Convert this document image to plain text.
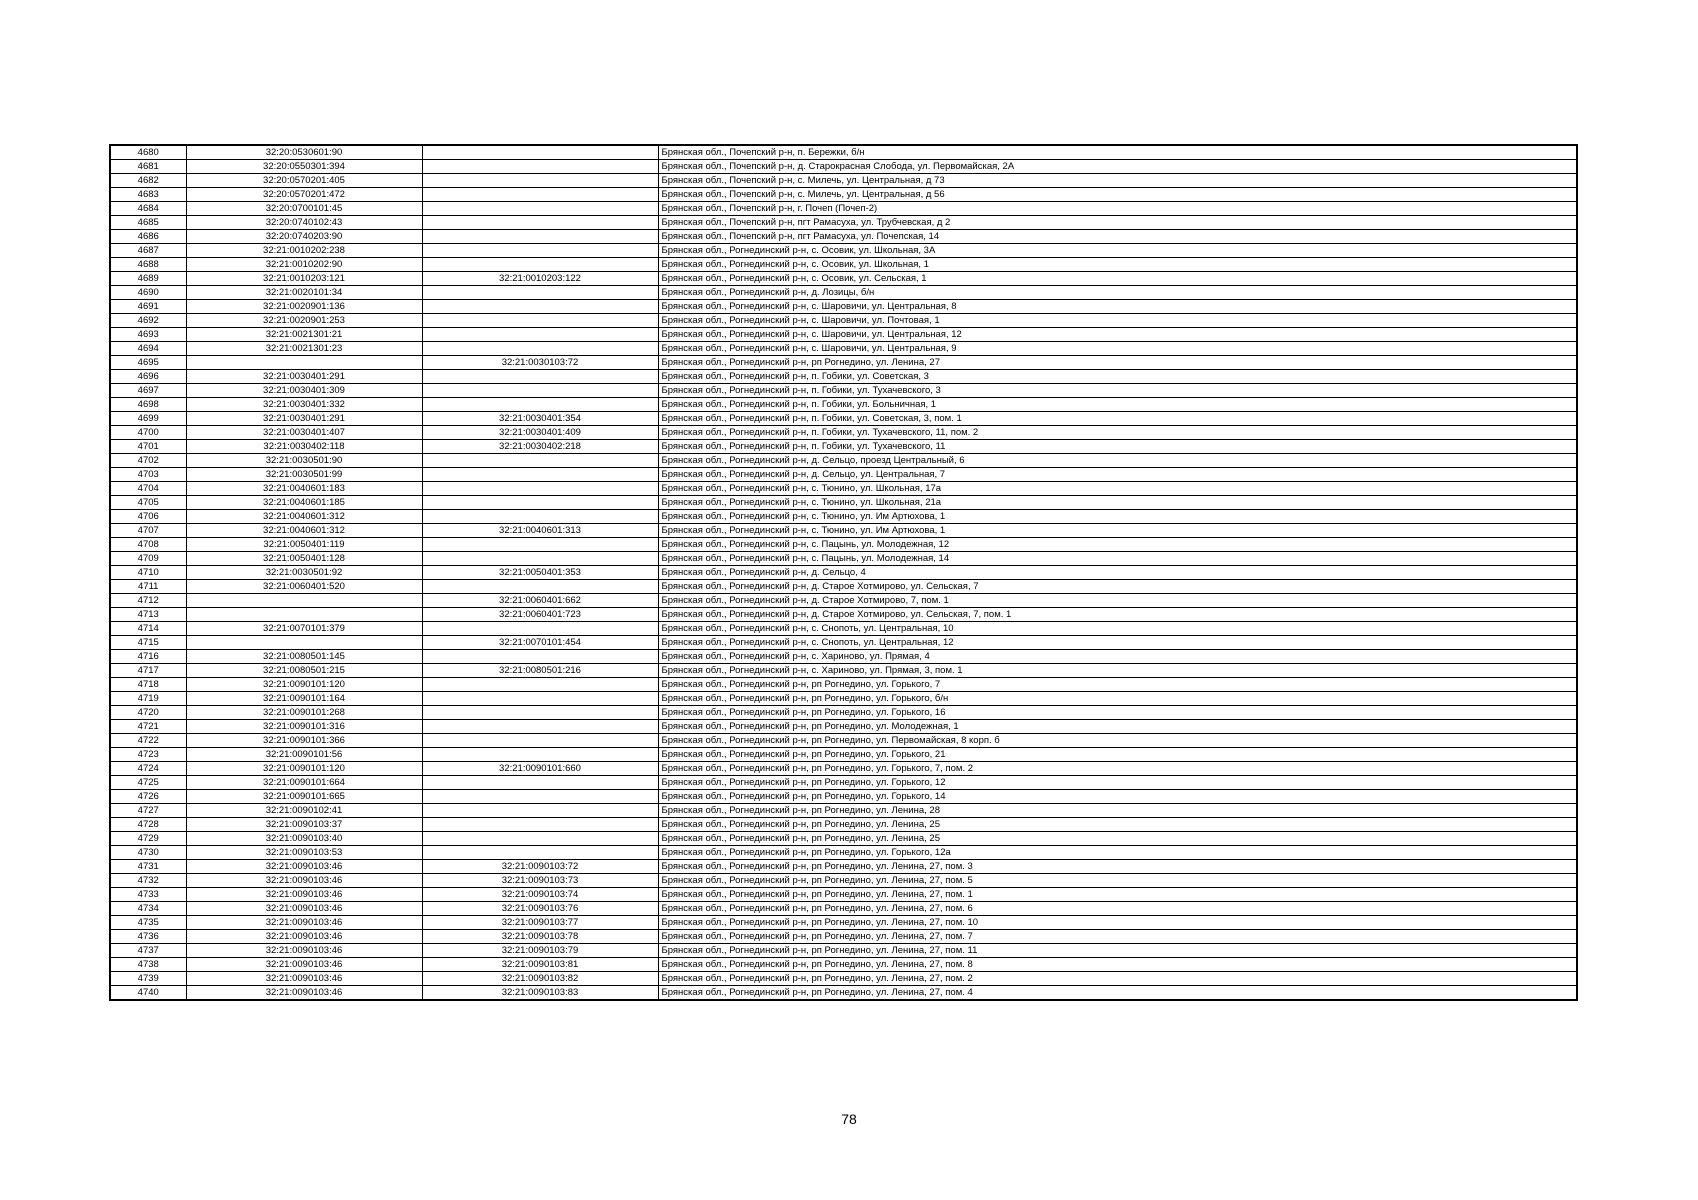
4680	32:20:0530601:90		Брянская обл., Почепский р-н, п. Бережки, б/н
4681	32:20:0550301:394		Брянская обл., Почепский р-н, д. Старокрасная Слобода, ул. Первомайская, 2А
4682	32:20:0570201:405		Брянская обл., Почепский р-н, с. Милечь, ул. Центральная, д 73
4683	32:20:0570201:472		Брянская обл., Почепский р-н, с. Милечь, ул. Центральная, д 56
4684	32:20:0700101:45		Брянская обл., Почепский р-н, г. Почеп (Почеп-2)
4685	32:20:0740102:43		Брянская обл., Почепский р-н, пгт Рамасуха, ул. Трубчевская, д 2
4686	32:20:0740203:90		Брянская обл., Почепский р-н, пгт Рамасуха, ул. Почепская, 14
4687	32:21:0010202:238		Брянская обл., Рогнединский р-н, с. Осовик, ул. Школьная, 3А
4688	32:21:0010202:90		Брянская обл., Рогнединский р-н, с. Осовик, ул. Школьная, 1
4689	32:21:0010203:121	32:21:0010203:122	Брянская обл., Рогнединский р-н, с. Осовик, ул. Сельская, 1
4690	32:21:0020101:34		Брянская обл., Рогнединский р-н, д. Лозицы, б/н
4691	32:21:0020901:136		Брянская обл., Рогнединский р-н, с. Шаровичи, ул. Центральная, 8
4692	32:21:0020901:253		Брянская обл., Рогнединский р-н, с. Шаровичи, ул. Почтовая, 1
4693	32:21:0021301:21		Брянская обл., Рогнединский р-н, с. Шаровичи, ул. Центральная, 12
4694	32:21:0021301:23		Брянская обл., Рогнединский р-н, с. Шаровичи, ул. Центральная, 9
4695		32:21:0030103:72	Брянская обл., Рогнединский р-н, рп Рогнедино, ул. Ленина, 27
4696	32:21:0030401:291		Брянская обл., Рогнединский р-н, п. Гобики, ул. Советская, 3
4697	32:21:0030401:309		Брянская обл., Рогнединский р-н, п. Гобики, ул. Тухачевского, 3
4698	32:21:0030401:332		Брянская обл., Рогнединский р-н, п. Гобики, ул. Больничная, 1
4699	32:21:0030401:291	32:21:0030401:354	Брянская обл., Рогнединский р-н, п. Гобики, ул. Советская, 3, пом. 1
4700	32:21:0030401:407	32:21:0030401:409	Брянская обл., Рогнединский р-н, п. Гобики, ул. Тухачевского, 11, пом. 2
4701	32:21:0030402:118	32:21:0030402:218	Брянская обл., Рогнединский р-н, п. Гобики, ул. Тухачевского, 11
4702	32:21:0030501:90		Брянская обл., Рогнединский р-н, д. Сельцо, проезд Центральный, 6
4703	32:21:0030501:99		Брянская обл., Рогнединский р-н, д. Сельцо, ул. Центральная, 7
4704	32:21:0040601:183		Брянская обл., Рогнединский р-н, с. Тюнино, ул. Школьная, 17а
4705	32:21:0040601:185		Брянская обл., Рогнединский р-н, с. Тюнино, ул. Школьная, 21а
4706	32:21:0040601:312		Брянская обл., Рогнединский р-н, с. Тюнино, ул. Им Артюхова, 1
4707	32:21:0040601:312	32:21:0040601:313	Брянская обл., Рогнединский р-н, с. Тюнино, ул. Им Артюхова, 1
4708	32:21:0050401:119		Брянская обл., Рогнединский р-н, с. Пацынь, ул. Молодежная, 12
4709	32:21:0050401:128		Брянская обл., Рогнединский р-н, с. Пацынь, ул. Молодежная, 14
4710	32:21:0030501:92	32:21:0050401:353	Брянская обл., Рогнединский р-н, д. Сельцо, 4
4711	32:21:0060401:520		Брянская обл., Рогнединский р-н, д. Старое Хотмирово, ул. Сельская, 7
4712		32:21:0060401:662	Брянская обл., Рогнединский р-н, д. Старое Хотмирово, 7, пом. 1
4713		32:21:0060401:723	Брянская обл., Рогнединский р-н, д. Старое Хотмирово, ул. Сельская, 7, пом. 1
4714	32:21:0070101:379		Брянская обл., Рогнединский р-н, с. Снопоть, ул. Центральная, 10
4715		32:21:0070101:454	Брянская обл., Рогнединский р-н, с. Снопоть, ул. Центральная, 12
4716	32:21:0080501:145		Брянская обл., Рогнединский р-н, с. Хариново, ул. Прямая, 4
4717	32:21:0080501:215	32:21:0080501:216	Брянская обл., Рогнединский р-н, с. Хариново, ул. Прямая, 3, пом. 1
4718	32:21:0090101:120		Брянская обл., Рогнединский р-н, рп Рогнедино, ул. Горького, 7
4719	32:21:0090101:164		Брянская обл., Рогнединский р-н, рп Рогнедино, ул. Горького, б/н
4720	32:21:0090101:268		Брянская обл., Рогнединский р-н, рп Рогнедино, ул. Горького, 16
4721	32:21:0090101:316		Брянская обл., Рогнединский р-н, рп Рогнедино, ул. Молодежная, 1
4722	32:21:0090101:366		Брянская обл., Рогнединский р-н, рп Рогнедино, ул. Первомайская, 8 корп. б
4723	32:21:0090101:56		Брянская обл., Рогнединский р-н, рп Рогнедино, ул. Горького, 21
4724	32:21:0090101:120	32:21:0090101:660	Брянская обл., Рогнединский р-н, рп Рогнедино, ул. Горького, 7, пом. 2
4725	32:21:0090101:664		Брянская обл., Рогнединский р-н, рп Рогнедино, ул. Горького, 12
4726	32:21:0090101:665		Брянская обл., Рогнединский р-н, рп Рогнедино, ул. Горького, 14
4727	32:21:0090102:41		Брянская обл., Рогнединский р-н, рп Рогнедино, ул. Ленина, 28
4728	32:21:0090103:37		Брянская обл., Рогнединский р-н, рп Рогнедино, ул. Ленина, 25
4729	32:21:0090103:40		Брянская обл., Рогнединский р-н, рп Рогнедино, ул. Ленина, 25
4730	32:21:0090103:53		Брянская обл., Рогнединский р-н, рп Рогнедино, ул. Горького, 12а
4731	32:21:0090103:46	32:21:0090103:72	Брянская обл., Рогнединский р-н, рп Рогнедино, ул. Ленина, 27, пом. 3
4732	32:21:0090103:46	32:21:0090103:73	Брянская обл., Рогнединский р-н, рп Рогнедино, ул. Ленина, 27, пом. 5
4733	32:21:0090103:46	32:21:0090103:74	Брянская обл., Рогнединский р-н, рп Рогнедино, ул. Ленина, 27, пом. 1
4734	32:21:0090103:46	32:21:0090103:76	Брянская обл., Рогнединский р-н, рп Рогнедино, ул. Ленина, 27, пом. 6
4735	32:21:0090103:46	32:21:0090103:77	Брянская обл., Рогнединский р-н, рп Рогнедино, ул. Ленина, 27, пом. 10
4736	32:21:0090103:46	32:21:0090103:78	Брянская обл., Рогнединский р-н, рп Рогнедино, ул. Ленина, 27, пом. 7
4737	32:21:0090103:46	32:21:0090103:79	Брянская обл., Рогнединский р-н, рп Рогнедино, ул. Ленина, 27, пом. 11
4738	32:21:0090103:46	32:21:0090103:81	Брянская обл., Рогнединский р-н, рп Рогнедино, ул. Ленина, 27, пом. 8
4739	32:21:0090103:46	32:21:0090103:82	Брянская обл., Рогнединский р-н, рп Рогнедино, ул. Ленина, 27, пом. 2
4740	32:21:0090103:46	32:21:0090103:83	Брянская обл., Рогнединский р-н, рп Рогнедино, ул. Ленина, 27, пом. 4
78
